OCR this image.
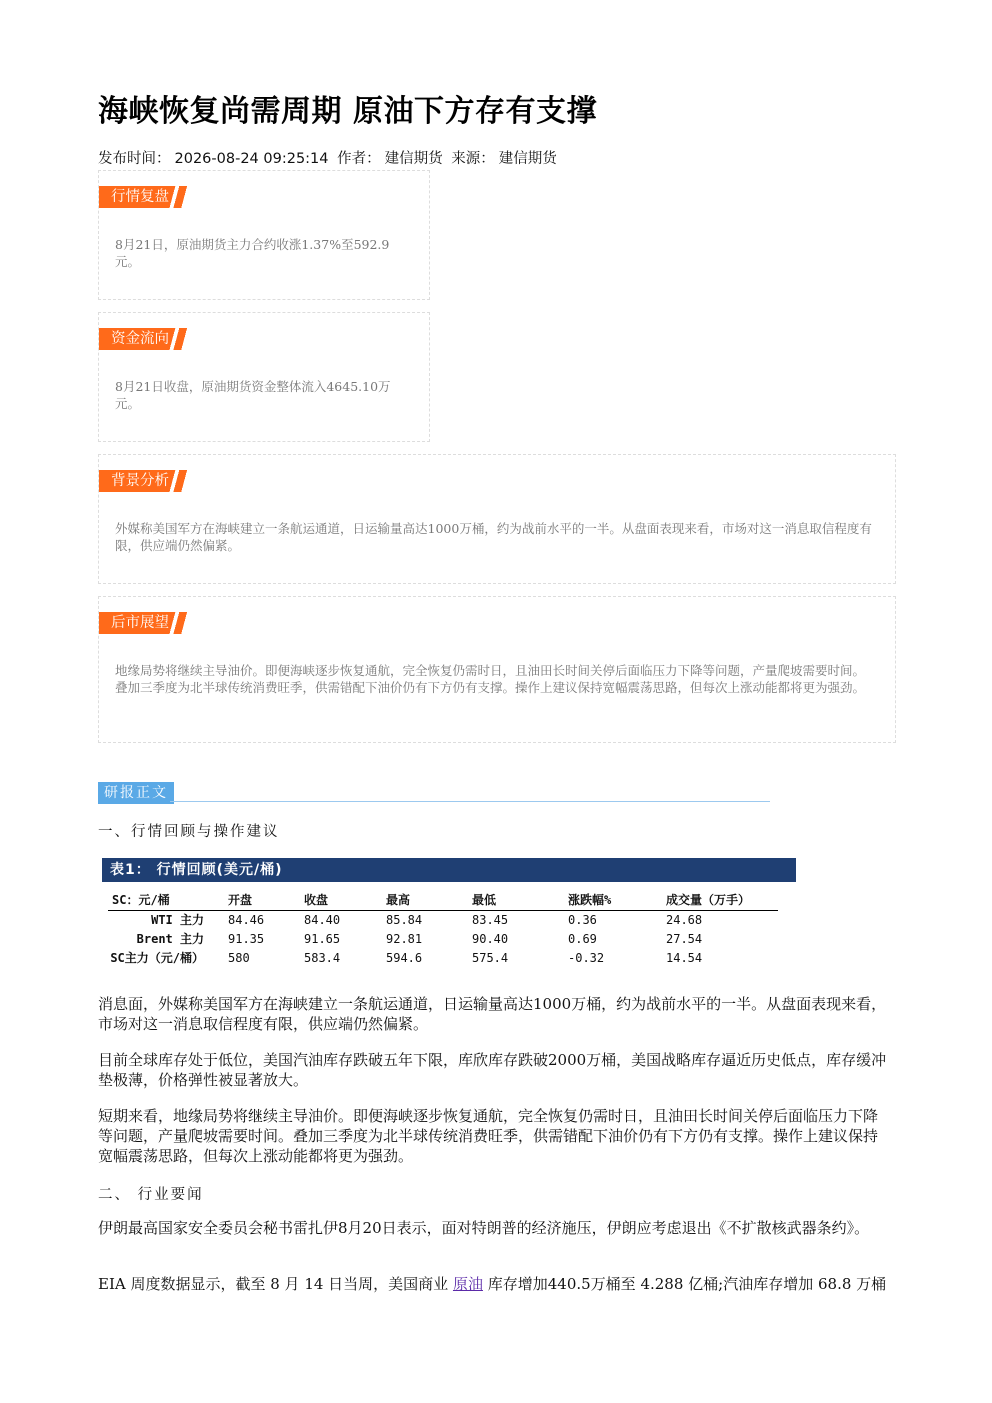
海峡恢复尚需周期 原油下方存有支撑
发布时间： 2026-08-24 09:25:14 作者： 建信期货 来源： 建信期货
行情复盘
8月21日，原油期货主力合约收涨1.37%至592.9元。
资金流向
8月21日收盘，原油期货资金整体流入4645.10万元。
背景分析
外媒称美国军方在海峡建立一条航运通道，日运输量高达1000万桶，约为战前水平的一半。从盘面表现来看，市场对这一消息取信程度有限，供应端仍然偏紧。
后市展望
地缘局势将继续主导油价。即便海峡逐步恢复通航，完全恢复仍需时日，且油田长时间关停后面临压力下降等问题，产量爬坡需要时间。叠加三季度为北半球传统消费旺季，供需错配下油价仍有下方仍有支撑。操作上建议保持宽幅震荡思路，但每次上涨动能都将更为强劲。
研报正文
一、行情回顾与操作建议
表1： 行情回顾(美元/桶)
SC：元/桶	开盘	收盘	最高	最低	涨跌幅%	成交量（万手）
WTI 主力 84.46	84.40	85.84	83.45	0.36	24.68
Brent 主力 91.35	91.65	92.81	90.40	0.69	27.54
SC主力（元/桶） 580	583.4	594.6	575.4	-0.32	14.54

消息面，外媒称美国军方在海峡建立一条航运通道，日运输量高达1000万桶，约为战前水平的一半。从盘面表现来看，市场对这一消息取信程度有限，供应端仍然偏紧。

目前全球库存处于低位，美国汽油库存跌破五年下限，库欣库存跌破2000万桶，美国战略库存逼近历史低点，库存缓冲垫极薄，价格弹性被显著放大。

短期来看，地缘局势将继续主导油价。即便海峡逐步恢复通航，完全恢复仍需时日，且油田长时间关停后面临压力下降等问题，产量爬坡需要时间。叠加三季度为北半球传统消费旺季，供需错配下油价仍有下方仍有支撑。操作上建议保持宽幅震荡思路，但每次上涨动能都将更为强劲。

二、 行业要闻

伊朗最高国家安全委员会秘书雷扎伊8月20日表示，面对特朗普的经济施压，伊朗应考虑退出《不扩散核武器条约》。

EIA 周度数据显示，截至 8 月 14 日当周，美国商业 原油 库存增加440.5万桶至 4.288 亿桶;汽油库存增加 68.8 万桶
